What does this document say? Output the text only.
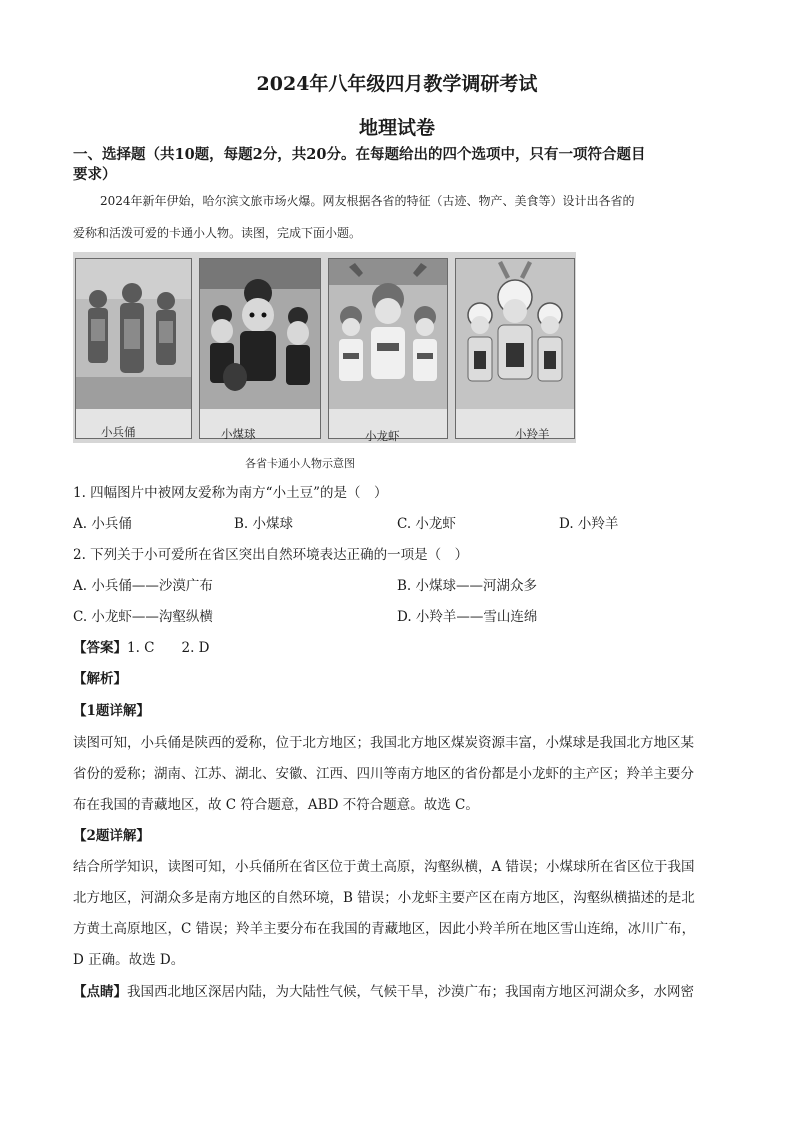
2024年八年级四月教学调研考试
地理试卷
一、选择题（共10题，每题2分，共20分。在每题给出的四个选项中，只有一项符合题目
要求）
2024年新年伊始，哈尔滨文旅市场火爆。网友根据各省的特征（古迹、物产、美食等）设计出各省的
爱称和活泼可爱的卡通小人物。读图，完成下面小题。
小兵俑	小煤球	小龙虾	小羚羊
各省卡通小人物示意图
1. 四幅图片中被网友爱称为南方“小土豆”的是（　）
A. 小兵俑	B. 小煤球	C. 小龙虾	D. 小羚羊
2. 下列关于小可爱所在省区突出自然环境表达正确的一项是（　）
A. 小兵俑——沙漠广布	B. 小煤球——河湖众多
C. 小龙虾——沟壑纵横	D. 小羚羊——雪山连绵
【答案】1. C　　2. D
【解析】
【1题详解】
读图可知，小兵俑是陕西的爱称，位于北方地区；我国北方地区煤炭资源丰富，小煤球是我国北方地区某
省份的爱称；湖南、江苏、湖北、安徽、江西、四川等南方地区的省份都是小龙虾的主产区；羚羊主要分
布在我国的青藏地区，故 C 符合题意，ABD 不符合题意。故选 C。
【2题详解】
结合所学知识，读图可知，小兵俑所在省区位于黄土高原，沟壑纵横，A 错误；小煤球所在省区位于我国
北方地区，河湖众多是南方地区的自然环境，B 错误；小龙虾主要产区在南方地区，沟壑纵横描述的是北
方黄土高原地区，C 错误；羚羊主要分布在我国的青藏地区，因此小羚羊所在地区雪山连绵，冰川广布，
D 正确。故选 D。
【点睛】我国西北地区深居内陆，为大陆性气候，气候干旱，沙漠广布；我国南方地区河湖众多，水网密
